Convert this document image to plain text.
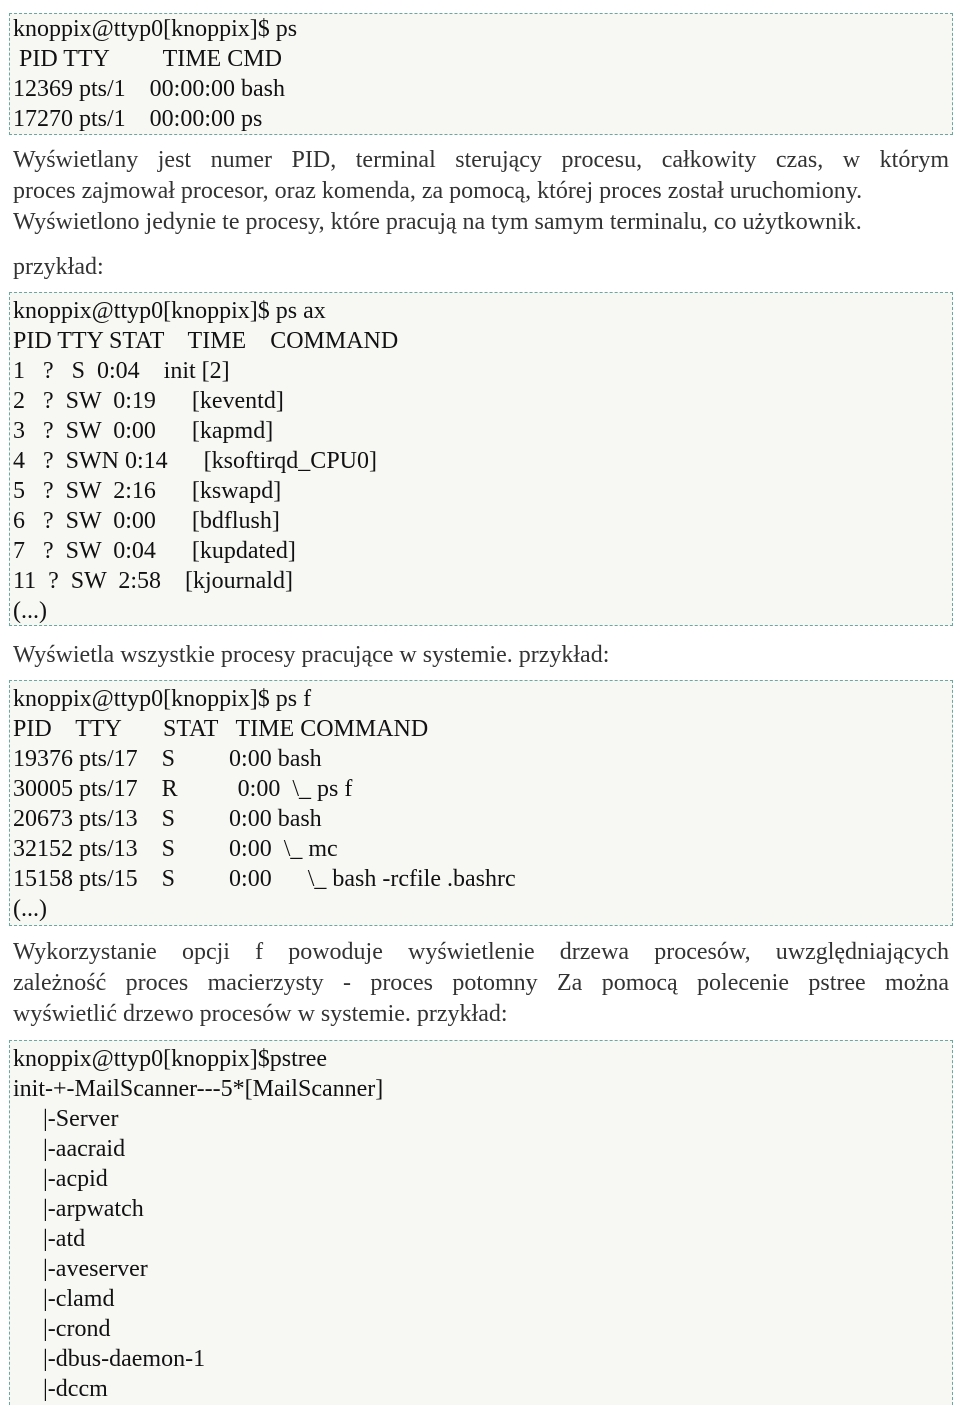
knoppix@ttyp0[knoppix]$ ps
PID TTY         TIME CMD
12369 pts/1    00:00:00 bash
17270 pts/1    00:00:00 ps
Wyświetlany jest numer PID, terminal sterujący procesu, całkowity czas, w którym
proces zajmował procesor, oraz komenda, za pomocą, której proces został uruchomiony.
Wyświetlono jedynie te procesy, które pracują na tym samym terminalu, co użytkownik.
przykład:
knoppix@ttyp0[knoppix]$ ps ax
PID TTY STAT    TIME    COMMAND
1   ?   S  0:04    init [2]
2   ?  SW  0:19      [keventd]
3   ?  SW  0:00      [kapmd]
4   ?  SWN 0:14      [ksoftirqd_CPU0]
5   ?  SW  2:16      [kswapd]
6   ?  SW  0:00      [bdflush]
7   ?  SW  0:04      [kupdated]
11  ?  SW  2:58    [kjournald]
(...)
Wyświetla wszystkie procesy pracujące w systemie. przykład:
knoppix@ttyp0[knoppix]$ ps f
PID    TTY       STAT   TIME COMMAND
19376 pts/17    S         0:00 bash
30005 pts/17    R          0:00  \_ ps f
20673 pts/13    S         0:00 bash
32152 pts/13    S         0:00  \_ mc
15158 pts/15    S         0:00      \_ bash -rcfile .bashrc
(...)
Wykorzystanie opcji f powoduje wyświetlenie drzewa procesów, uwzględniających
zależność proces macierzysty - proces potomny Za pomocą polecenie pstree można
wyświetlić drzewo procesów w systemie. przykład:
knoppix@ttyp0[knoppix]$pstree
init-+-MailScanner---5*[MailScanner]
|-Server
|-aacraid
|-acpid
|-arpwatch
|-atd
|-aveserver
|-clamd
|-crond
|-dbus-daemon-1
|-dccm
